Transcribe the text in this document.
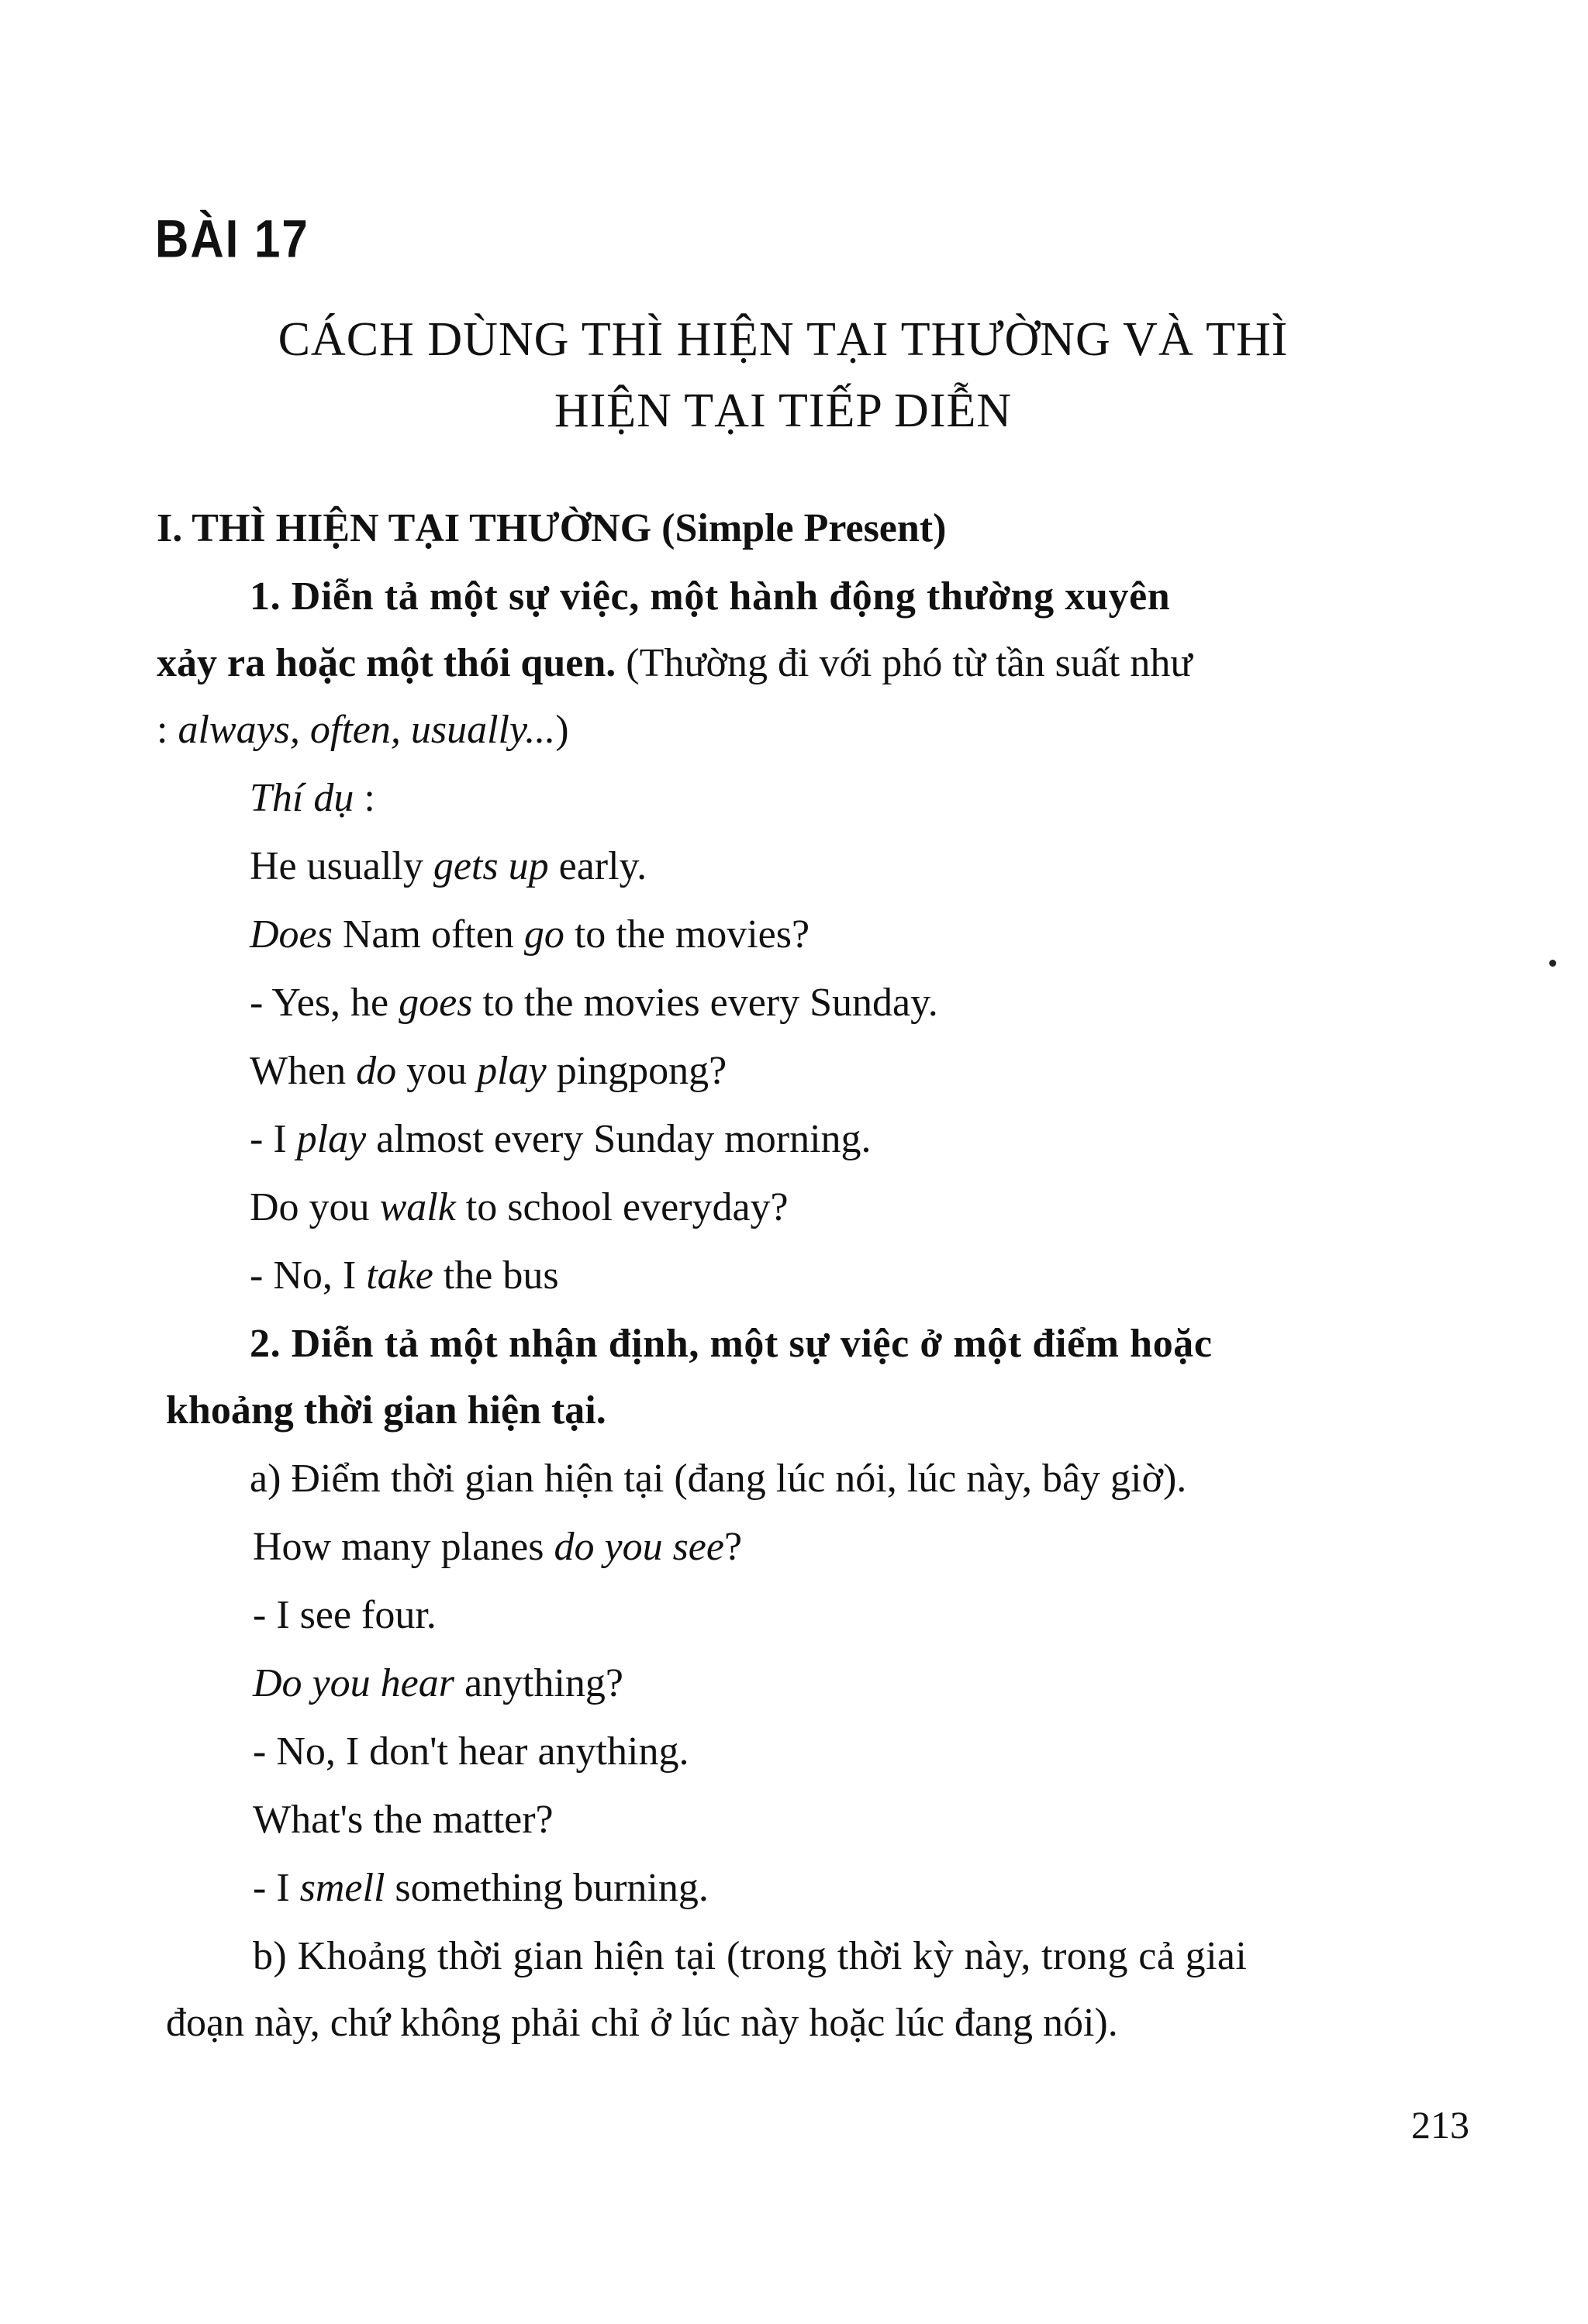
BÀI 17
CÁCH DÙNG THÌ HIỆN TẠI THƯỜNG VÀ THÌ
HIỆN TẠI TIẾP DIỄN
I. THÌ HIỆN TẠI THƯỜNG (Simple Present)
1. Diễn tả một sự việc, một hành động thường xuyên
xảy ra hoặc một thói quen. (Thường đi với phó từ tần suất như
: always, often, usually...)
Thí dụ :
He usually gets up early.
Does Nam often go to the movies?
- Yes, he goes to the movies every Sunday.
When do you play pingpong?
- I play almost every Sunday morning.
Do you walk to school everyday?
- No, I take the bus
2. Diễn tả một nhận định, một sự việc ở một điểm hoặc
khoảng thời gian hiện tại.
a) Điểm thời gian hiện tại (đang lúc nói, lúc này, bây giờ).
How many planes do you see?
- I see four.
Do you hear anything?
- No, I don't hear anything.
What's the matter?
- I smell something burning.
b) Khoảng thời gian hiện tại (trong thời kỳ này, trong cả giai
đoạn này, chứ không phải chỉ ở lúc này hoặc lúc đang nói).
213
